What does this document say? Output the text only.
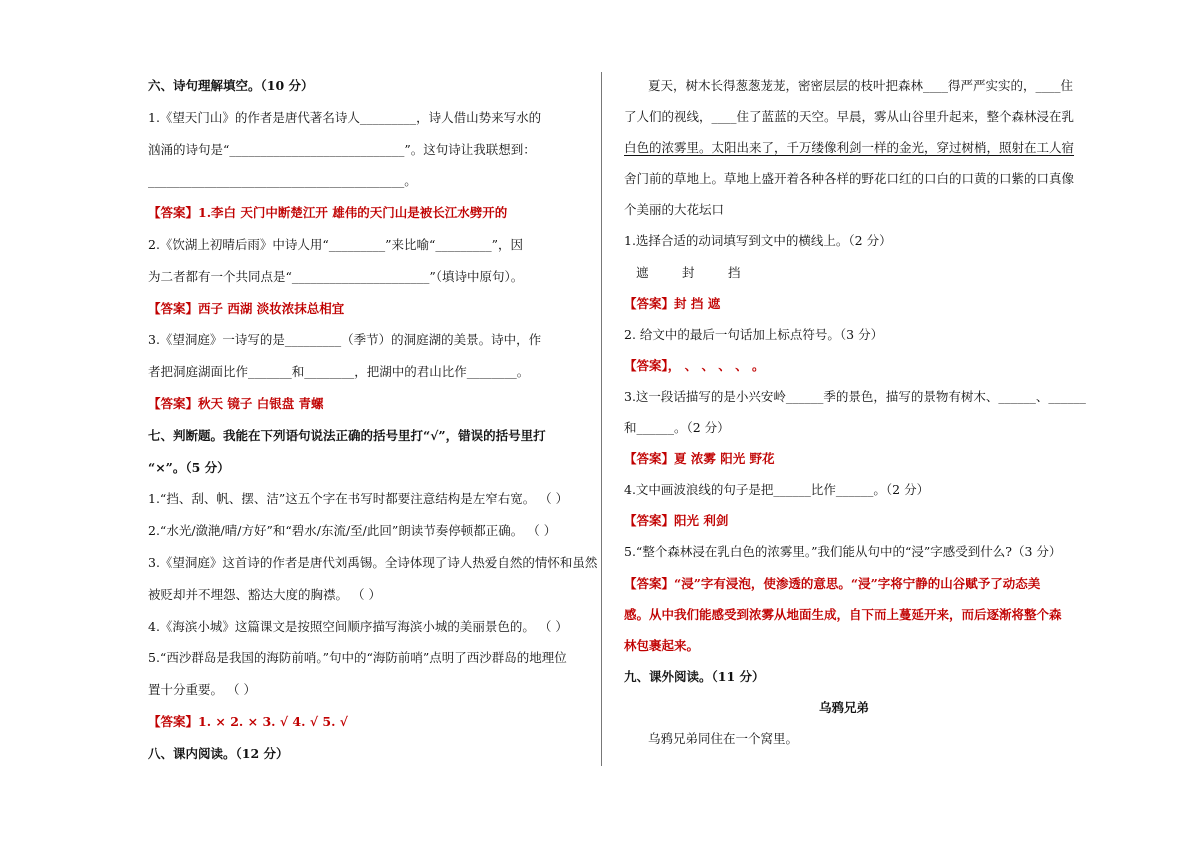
六、诗句理解填空。（10 分）
1.《望天门山》的作者是唐代著名诗人_________，诗人借山势来写水的
汹涌的诗句是“____________________________”。这句诗让我联想到：
_________________________________________。
【答案】1.李白 天门中断楚江开 雄伟的天门山是被长江水劈开的
2.《饮湖上初晴后雨》中诗人用“_________”来比喻“_________”，因
为二者都有一个共同点是“______________________”（填诗中原句）。
【答案】西子 西湖 淡妆浓抹总相宜
3.《望洞庭》一诗写的是_________（季节）的洞庭湖的美景。诗中，作
者把洞庭湖面比作_______和________，把湖中的君山比作________。
【答案】秋天 镜子 白银盘 青螺
七、判断题。我能在下列语句说法正确的括号里打“√”，错误的括号里打
“×”。（5 分）
1.“挡、刮、帆、摆、洁”这五个字在书写时都要注意结构是左窄右宽。 （ ）
2.“水光/潋滟/晴/方好”和“碧水/东流/至/此回”朗读节奏停顿都正确。 （ ）
3.《望洞庭》这首诗的作者是唐代刘禹锡。全诗体现了诗人热爱自然的情怀和虽然
被贬却并不埋怨、豁达大度的胸襟。 （ ）
4.《海滨小城》这篇课文是按照空间顺序描写海滨小城的美丽景色的。 （ ）
5.“西沙群岛是我国的海防前哨。”句中的“海防前哨”点明了西沙群岛的地理位
置十分重要。 （ ）
【答案】1. × 2. × 3. √ 4. √ 5. √
八、课内阅读。（12 分）
夏天，树木长得葱葱茏茏，密密层层的枝叶把森林____得严严实实的，____住
了人们的视线，____住了蓝蓝的天空。早晨，雾从山谷里升起来，整个森林浸在乳
白色的浓雾里。太阳出来了，千万缕像利剑一样的金光，穿过树梢，照射在工人宿
舍门前的草地上。草地上盛开着各种各样的野花口红的口白的口黄的口紫的口真像
个美丽的大花坛口
1.选择合适的动词填写到文中的横线上。（2 分）
遮	封	挡
【答案】封 挡 遮
2. 给文中的最后一句话加上标点符号。（3 分）
【答案】， 、 、 、 、 。
3.这一段话描写的是小兴安岭______季的景色，描写的景物有树木、______、______
和______。（2 分）
【答案】夏 浓雾 阳光 野花
4.文中画波浪线的句子是把______比作______。（2 分）
【答案】阳光 利剑
5.“整个森林浸在乳白色的浓雾里。”我们能从句中的“浸”字感受到什么?（3 分）
【答案】“浸”字有浸泡，使渗透的意思。“浸”字将宁静的山谷赋予了动态美
感。从中我们能感受到浓雾从地面生成，自下而上蔓延开来，而后逐渐将整个森
林包裹起来。
九、课外阅读。（11 分）
乌鸦兄弟
乌鸦兄弟同住在一个窝里。
